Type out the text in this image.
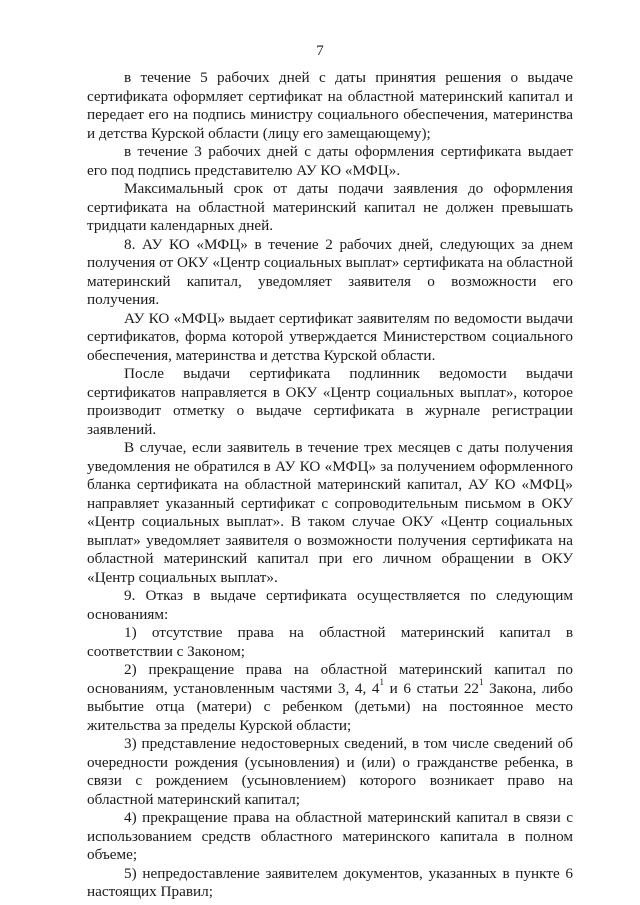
7

в течение 5 рабочих дней с даты принятия решения о выдаче сертификата оформляет сертификат на областной материнский капитал и передает его на подпись министру социального обеспечения, материнства и детства Курской области (лицу его замещающему);

в течение 3 рабочих дней с даты оформления сертификата выдает его под подпись представителю АУ КО «МФЦ».

Максимальный срок от даты подачи заявления до оформления сертификата на областной материнский капитал не должен превышать тридцати календарных дней.

8. АУ КО «МФЦ» в течение 2 рабочих дней, следующих за днем получения от ОКУ «Центр социальных выплат» сертификата на областной материнский капитал, уведомляет заявителя о возможности его получения.

АУ КО «МФЦ» выдает сертификат заявителям по ведомости выдачи сертификатов, форма которой утверждается Министерством социального обеспечения, материнства и детства Курской области.

После выдачи сертификата подлинник ведомости выдачи сертификатов направляется в ОКУ «Центр социальных выплат», которое производит отметку о выдаче сертификата в журнале регистрации заявлений.

В случае, если заявитель в течение трех месяцев с даты получения уведомления не обратился в АУ КО «МФЦ» за получением оформленного бланка сертификата на областной материнский капитал, АУ КО «МФЦ» направляет указанный сертификат с сопроводительным письмом в ОКУ «Центр социальных выплат». В таком случае ОКУ «Центр социальных выплат» уведомляет заявителя о возможности получения сертификата на областной материнский капитал при его личном обращении в ОКУ «Центр социальных выплат».

9. Отказ в выдаче сертификата осуществляется по следующим основаниям:

1) отсутствие права на областной материнский капитал в соответствии с Законом;

2) прекращение права на областной материнский капитал по основаниям, установленным частями 3, 4, $4^1$ и 6 статьи $22^1$ Закона, либо выбытие отца (матери) с ребенком (детьми) на постоянное место жительства за пределы Курской области;

3) представление недостоверных сведений, в том числе сведений об очередности рождения (усыновления) и (или) о гражданстве ребенка, в связи с рождением (усыновлением) которого возникает право на областной материнский капитал;

4) прекращение права на областной материнский капитал в связи с использованием средств областного материнского капитала в полном объеме;

5) непредоставление заявителем документов, указанных в пункте 6 настоящих Правил;
